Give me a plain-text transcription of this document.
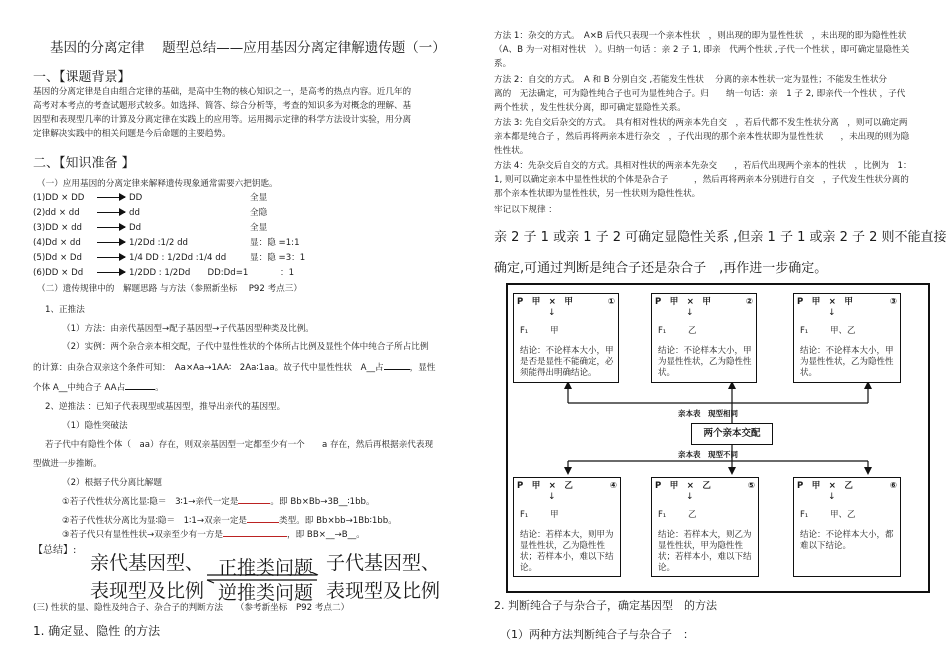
基因的分离定律　 题型总结——应用基因分离定律解遗传题（一）
一、【课题背景】
基因的分离定律是自由组合定律的基础，是高中生物的核心知识之一，是高考的热点内容。近几年的
高考对本考点的考查试题形式较多。如选择、简答、综合分析等，考查的知识多为对概念的理解、基
因型和表现型几率的计算及分离定律在实践上的应用等。运用揭示定律的科学方法设计实验，用分离
定律解决实践中的相关问题是今后命题的主要趋势。
二、【知识准备 】
（一）应用基因的分离定律来解释遗传现象通常需要六把钥匙。
(1)DD × DD	DD	全显
(2)dd × dd	dd	全隐
(3)DD × dd	Dd	全显
(4)Dd × dd	1/2Dd :1/2 dd	显：隐 =1:1
(5)Dd × Dd	1/4 DD : 1/2Dd :1/4 dd	显：隐 =3：1
(6)DD × Dd	1/2DD : 1/2Dd　　DD:Dd=1	：1
（二）遗传规律中的　解题思路 与方法（参照新坐标　 P92 考点三）
1、正推法
（1）方法：由亲代基因型→配子基因型→子代基因型种类及比例。
（2）实例：两个杂合亲本相交配，子代中显性性状的个体所占比例及显性个体中纯合子所占比例
的计算：由杂合双亲这个条件可知：　Aa×Aa→1AA∶　2Aa∶1aa。故子代中显性性状　A__占	，显性
个体 A__中纯合子 AA占	。
2、逆推法 ：已知子代表现型或基因型，推导出亲代的基因型。
（1）隐性突破法
若子代中有隐性个体（　aa）存在，则双亲基因型一定都至少有一个　　a 存在，然后再根据亲代表现
型做进一步推断。
（2）根据子代分离比解题
①若子代性状分离比显∶隐＝　3∶1→亲代一定是	。即 Bb×Bb→3B__∶1bb。
②若子代性状分离比为显∶隐＝　1∶1→双亲一定是	类型。即 Bb×bb→1Bb∶1bb。
③若子代只有显性性状→双亲至少有一方是	，即 BB×__→B__。
【总结】:
亲代基因型、
表现型及比例
正推类问题
逆推类问题
子代基因型、
表现型及比例
(三) 性状的显、隐性及纯合子、杂合子的判断方法　　（参考新坐标　P92 考点二）
1. 确定显、隐性 的方法
方法 1：杂交的方式。　A×B 后代只表现一个亲本性状　，则出现的即为显性性状　，未出现的即为隐性性状
（A、B 为一对相对性状　）。归纳一句话 ：亲 2 子 1, 即亲　代两个性状 ,子代一个性状 ，即可确定显隐性关
系。
方法 2：自交的方式。　A 和 B 分别自交 ,若能发生性状　 分离的亲本性状一定为显性；不能发生性状分
离的　无法确定，可为隐性纯合子也可为显性纯合子。归　　纳一句话：亲　1 子 2, 即亲代一个性状 ，子代
两个性状 ，发生性状分离，即可确定显隐性关系。
方法 3: 先自交后杂交的方式。　具有相对性状的两亲本先自交　，若后代都不发生性状分离　，则可以确定两
亲本都是纯合子 ，然后再将两亲本进行杂交　，子代出现的那个亲本性状即为显性性状　　，未出现的则为隐
性性状。
方法 4：先杂交后自交的方式。具相对性状的两亲本先杂交　　，若后代出现两个亲本的性状　，比例为　1：
1, 则可以确定亲本中显性性状的个体是杂合子　　　，然后再将两亲本分别进行自交　，子代发生性状分离的
那个亲本性状即为显性性状，另一性状则为隐性性状。
牢记以下规律 ：
亲 2 子 1 或亲 1 子 2 可确定显隐性关系 ,但亲 1 子 1 或亲 2 子 2 则不能直接
确定,可通过判断是纯合子还是杂合子　,再作进一步确定。
P　甲　×　甲	①
↓
F₁	甲
结论：不论样本大小，甲是否是显性不能确定，必须能得出明确结论。
P　甲　×　甲	②
↓
F₁	乙
结论：不论样本大小，甲为显性性状，乙为隐性性状。
P　甲　×　甲	③
↓
F₁	甲、乙
结论：不论样本大小，甲为显性性状，乙为隐性性状。
亲本表　 现型相同
两个亲本交配
亲本表　 现型不同
P　甲　×　乙	④
↓
F₁	甲
结论：若样本大，则甲为显性性状，乙为隐性性状；若样本小，难以下结论。
P　甲　×　乙	⑤
↓
F₁	乙
结论：若样本大，则乙为显性性状，甲为隐性性状；若样本小，难以下结论。
P　甲　×　乙	⑥
↓
F₁	甲、乙
结论：不论样本大小，都难以下结论。
2. 判断纯合子与杂合子，确定基因型　的方法
（1）两种方法判断纯合子与杂合子　：
